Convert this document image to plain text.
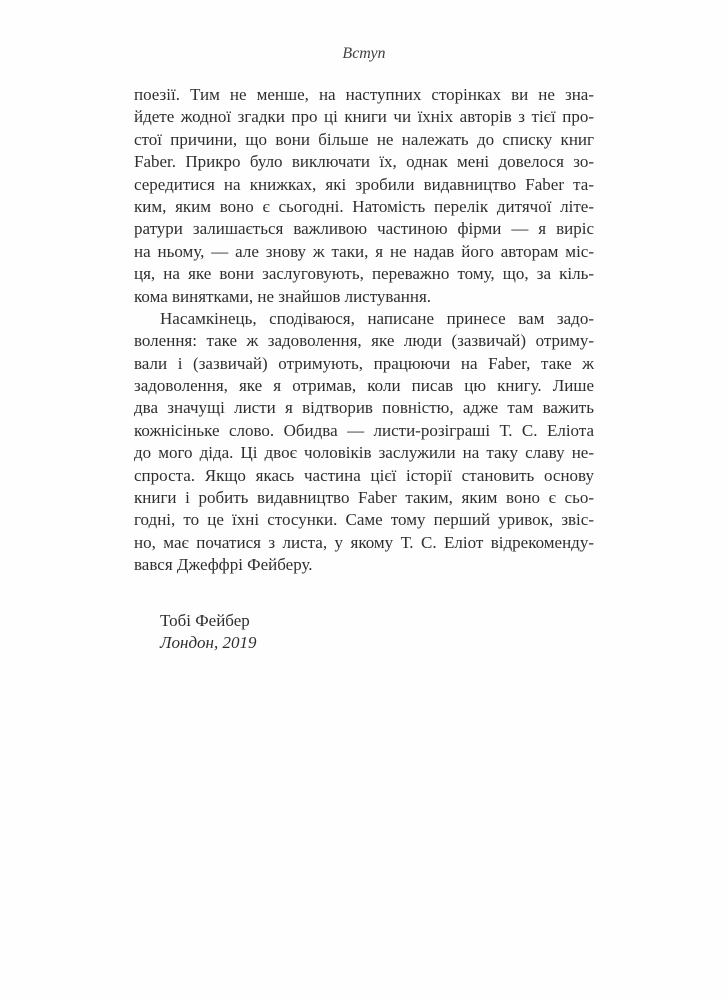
Вступ
поезії. Тим не менше, на наступних сторінках ви не зна-
йдете жодної згадки про ці книги чи їхніх авторів з тієї про-
стої причини, що вони більше не належать до списку книг
Faber. Прикро було виключати їх, однак мені довелося зо-
середитися на книжках, які зробили видавництво Faber та-
ким, яким воно є сьогодні. Натомість перелік дитячої літе-
ратури залишається важливою частиною фірми — я виріс
на ньому, — але знову ж таки, я не надав його авторам міс-
ця, на яке вони заслуговують, переважно тому, що, за кіль-
кома винятками, не знайшов листування.
Насамкінець, сподіваюся, написане принесе вам задо-
волення: таке ж задоволення, яке люди (зазвичай) отриму-
вали і (зазвичай) отримують, працюючи на Faber, таке ж
задоволення, яке я отримав, коли писав цю книгу. Лише
два значущі листи я відтворив повністю, адже там важить
кожнісіньке слово. Обидва — листи-розіграші Т. С. Еліота
до мого діда. Ці двоє чоловіків заслужили на таку славу не-
спроста. Якщо якась частина цієї історії становить основу
книги і робить видавництво Faber таким, яким воно є сьо-
годні, то це їхні стосунки. Саме тому перший уривок, звіс-
но, має початися з листа, у якому Т. С. Еліот відрекоменду-
вався Джеффрі Фейберу.
Тобі Фейбер
Лондон, 2019
